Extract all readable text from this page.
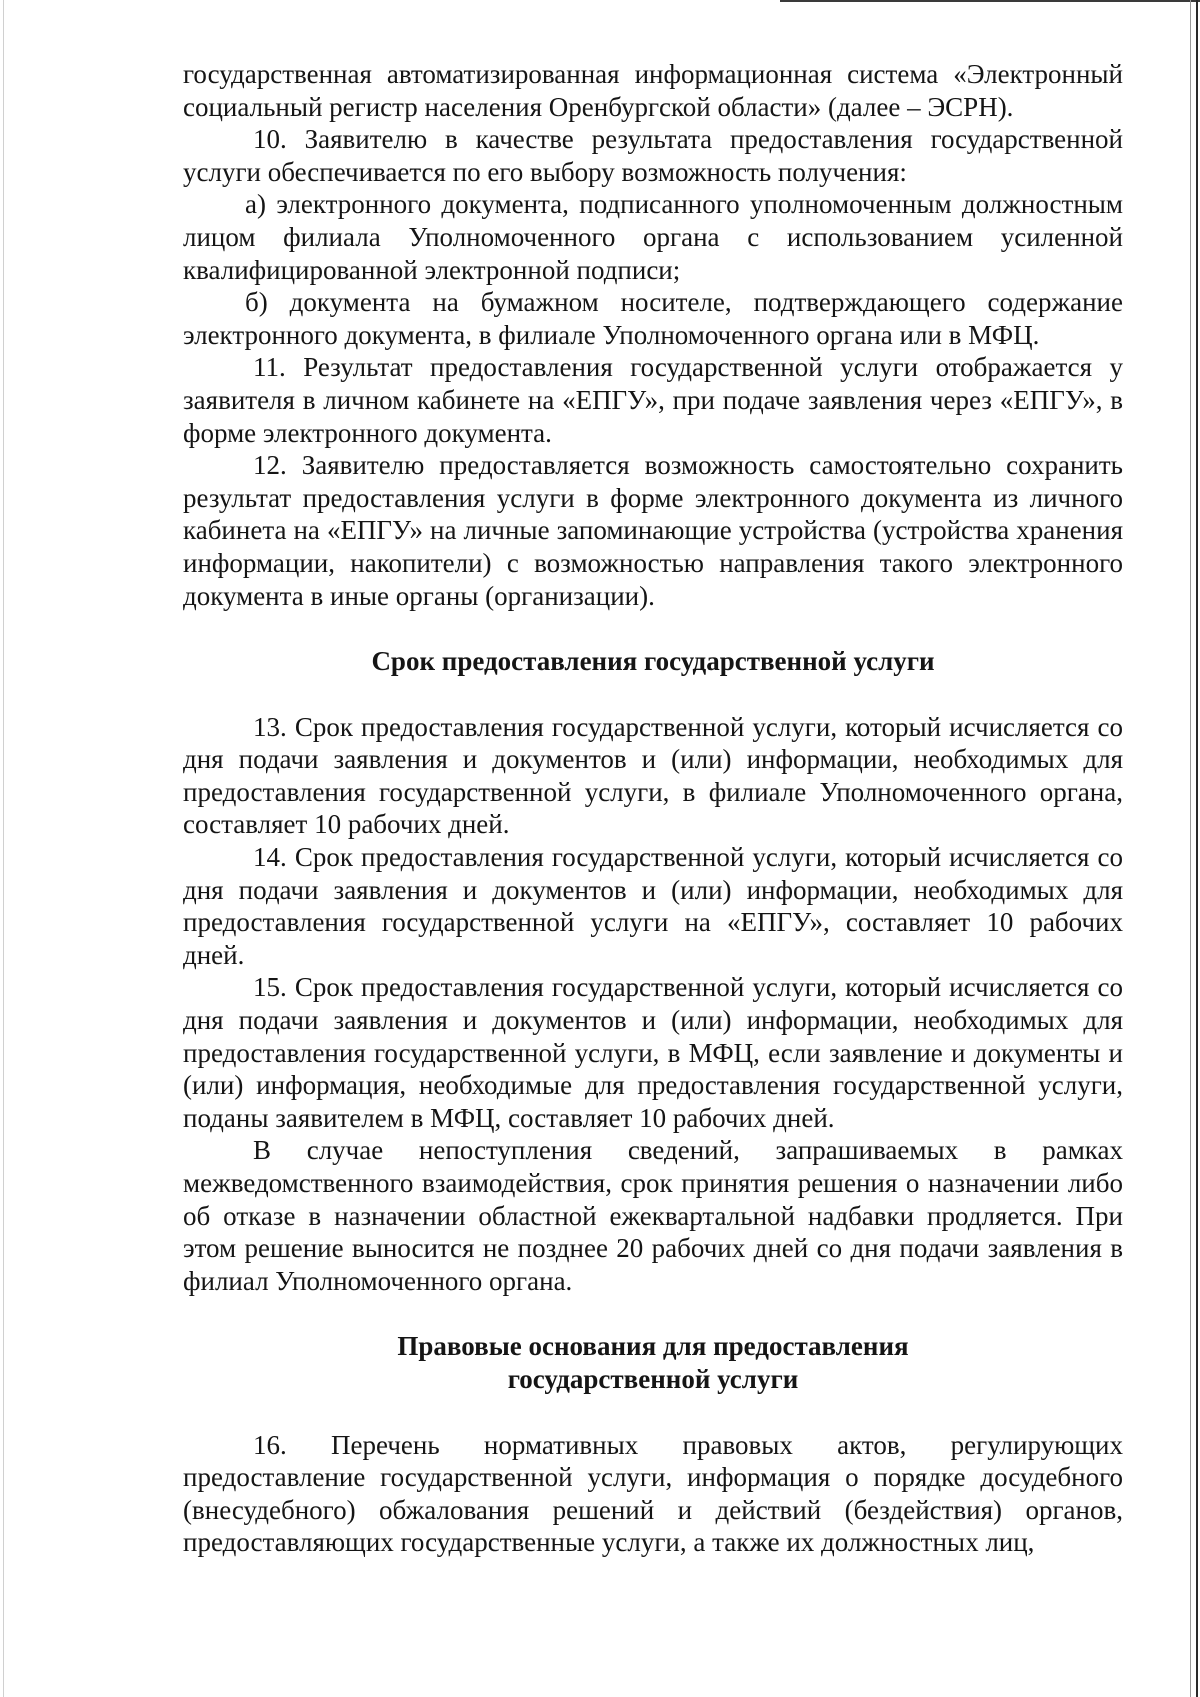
государственная автоматизированная информационная система «Электронный социальный регистр населения Оренбургской области» (далее – ЭСРН).

10. Заявителю в качестве результата предоставления государственной услуги обеспечивается по его выбору возможность получения:

а) электронного документа, подписанного уполномоченным должностным лицом филиала Уполномоченного органа с использованием усиленной квалифицированной электронной подписи;

б) документа на бумажном носителе, подтверждающего содержание электронного документа, в филиале Уполномоченного органа или в МФЦ.

11. Результат предоставления государственной услуги отображается у заявителя в личном кабинете на «ЕПГУ», при подаче заявления через «ЕПГУ», в форме электронного документа.

12. Заявителю предоставляется возможность самостоятельно сохранить результат предоставления услуги в форме электронного документа из личного кабинета на «ЕПГУ» на личные запоминающие устройства (устройства хранения информации, накопители) с возможностью направления такого электронного документа в иные органы (организации).

Срок предоставления государственной услуги

13. Срок предоставления государственной услуги, который исчисляется со дня подачи заявления и документов и (или) информации, необходимых для предоставления государственной услуги, в филиале Уполномоченного органа, составляет 10 рабочих дней.

14. Срок предоставления государственной услуги, который исчисляется со дня подачи заявления и документов и (или) информации, необходимых для предоставления государственной услуги на «ЕПГУ», составляет 10 рабочих дней.

15. Срок предоставления государственной услуги, который исчисляется со дня подачи заявления и документов и (или) информации, необходимых для предоставления государственной услуги, в МФЦ, если заявление и документы и (или) информация, необходимые для предоставления государственной услуги, поданы заявителем в МФЦ, составляет 10 рабочих дней.

В случае непоступления сведений, запрашиваемых в рамках межведомственного взаимодействия, срок принятия решения о назначении либо об отказе в назначении областной ежеквартальной надбавки продляется. При этом решение выносится не позднее 20 рабочих дней со дня подачи заявления в филиал Уполномоченного органа.

Правовые основания для предоставления
государственной услуги

16. Перечень нормативных правовых актов, регулирующих предоставление государственной услуги, информация о порядке досудебного (внесудебного) обжалования решений и действий (бездействия) органов, предоставляющих государственные услуги, а также их должностных лиц,
